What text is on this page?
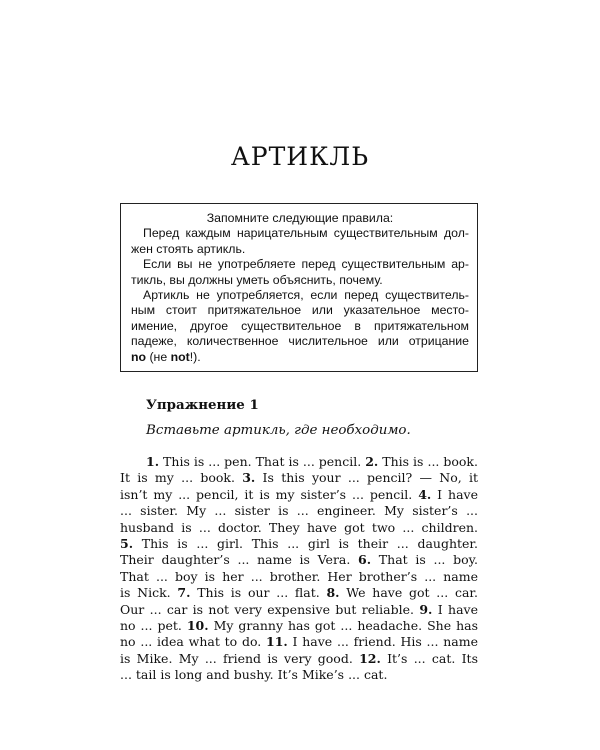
АРТИКЛЬ
Запомните следующие правила:
Перед каждым нарицательным существительным дол-
жен стоять артикль.
Если вы не употребляете перед существительным ар-
тикль, вы должны уметь объяснить, почему.
Артикль не употребляется, если перед существитель-
ным стоит притяжательное или указательное место-
имение, другое существительное в притяжательном
падеже, количественное числительное или отрицание
no (не not!).
Упражнение 1
Вставьте артикль, где необходимо.
1. This is ... pen. That is ... pencil. 2. This is ... book.
It is my ... book. 3. Is this your ... pencil? — No, it
isn’t my ... pencil, it is my sister’s ... pencil. 4. I have
... sister. My ... sister is ... engineer. My sister’s ...
husband is ... doctor. They have got two ... children.
5. This is ... girl. This ... girl is their ... daughter.
Their daughter’s ... name is Vera. 6. That is ... boy.
That ... boy is her ... brother. Her brother’s ... name
is Nick. 7. This is our ... flat. 8. We have got ... car.
Our ... car is not very expensive but reliable. 9. I have
no ... pet. 10. My granny has got ... headache. She has
no ... idea what to do. 11. I have ... friend. His ... name
is Mike. My ... friend is very good. 12. It’s ... cat. Its
... tail is long and bushy. It’s Mike’s ... cat.
